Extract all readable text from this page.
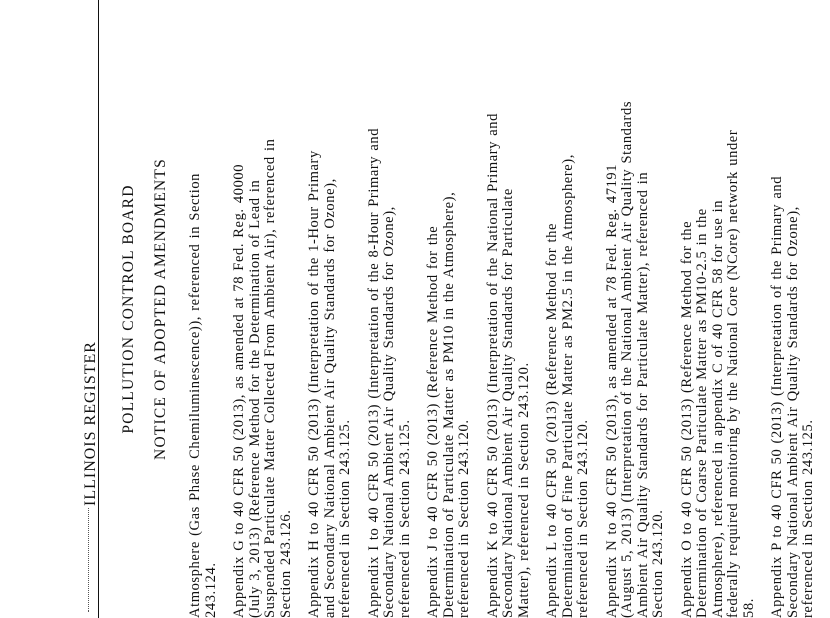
ILLINOIS REGISTER POLLUTION CONTROL BOARD NOTICE OF ADOPTED AMENDMENTS Atmosphere (Gas Phase Chemiluminescence)), referenced in Section 243.124. Appendix G to 40 CFR 50 (2013), as amended at 78 Fed. Reg. 40000 (July 3, 2013) (Reference Method for the Determination of Lead in Suspended Particulate Matter Collected From Ambient Air), referenced in Section 243.126. Appendix H to 40 CFR 50 (2013) (Interpretation of the 1-Hour Primary and Secondary National Ambient Air Quality Standards for Ozone), referenced in Section 243.125. Appendix I to 40 CFR 50 (2013) (Interpretation of the 8-Hour Primary and Secondary National Ambient Air Quality Standards for Ozone), referenced in Section 243.125. Appendix J to 40 CFR 50 (2013) (Reference Method for the Determination of Particulate Matter as PM10 in the Atmosphere), referenced in Section 243.120. Appendix K to 40 CFR 50 (2013) (Interpretation of the National Primary and Secondary National Ambient Air Quality Standards for Particulate Matter), referenced in Section 243.120. Appendix L to 40 CFR 50 (2013) (Reference Method for the Determination of Fine Particulate Matter as PM2.5 in the Atmosphere), referenced in Section 243.120. Appendix N to 40 CFR 50 (2013), as amended at 78 Fed. Reg. 47191 (August 5, 2013) (Interpretation of the National Ambient Air Quality Standards Ambient Air Quality Standards for Particulate Matter), referenced in Section 243.120. Appendix O to 40 CFR 50 (2013) (Reference Method for the Determination of Coarse Particulate Matter as PM10-2.5 in the Atmosphere), referenced in appendix C of 40 CFR 58 for use in federally required monitoring by the National Core (NCore) network under 58. Appendix P to 40 CFR 50 (2013) (Interpretation of the Primary and Secondary National Ambient Air Quality Standards for Ozone), referenced in Section 243.125.
